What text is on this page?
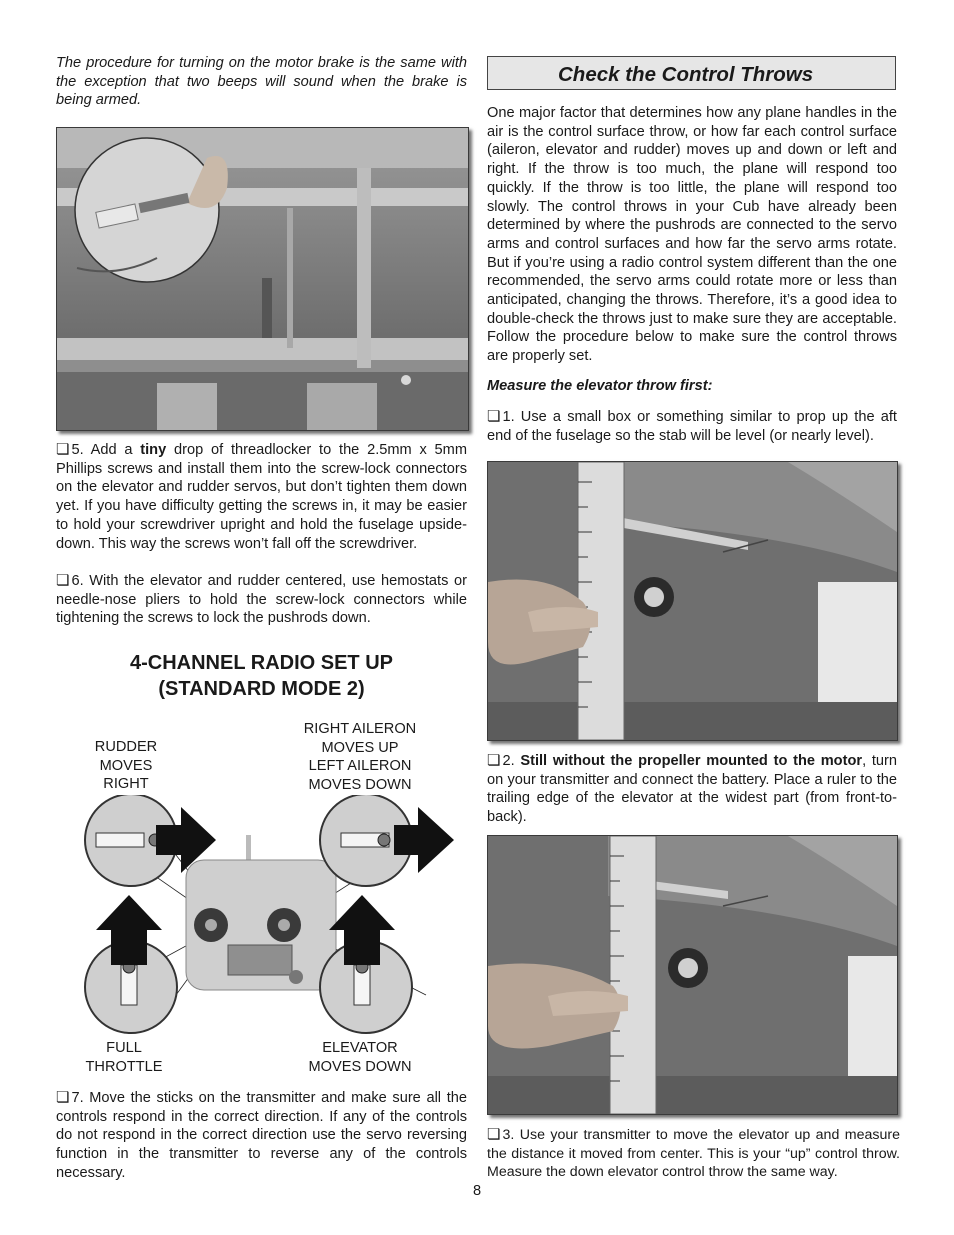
The procedure for turning on the motor brake is the same with the exception that two beeps will sound when the brake is being armed.
❏ 5. Add a tiny drop of threadlocker to the 2.5mm x 5mm Phillips screws and install them into the screw-lock connectors on the elevator and rudder servos, but don’t tighten them down yet. If you have difficulty getting the screws in, it may be easier to hold your screwdriver upright and hold the fuselage upside-down. This way the screws won’t fall off the screwdriver.
❏ 6. With the elevator and rudder centered, use hemostats or needle-nose pliers to hold the screw-lock connectors while tightening the screws to lock the pushrods down.
4-CHANNEL RADIO SET UP
(STANDARD MODE 2)
RUDDER
MOVES
RIGHT
RIGHT AILERON
MOVES UP
LEFT AILERON
MOVES DOWN
FULL
THROTTLE
ELEVATOR
MOVES DOWN
❏ 7. Move the sticks on the transmitter and make sure all the controls respond in the correct direction. If any of the controls do not respond in the correct direction use the servo reversing function in the transmitter to reverse any of the controls necessary.
Check the Control Throws
One major factor that determines how any plane handles in the air is the control surface throw, or how far each control surface (aileron, elevator and rudder) moves up and down or left and right. If the throw is too much, the plane will respond too quickly. If the throw is too little, the plane will respond too slowly. The control throws in your Cub have already been determined by where the pushrods are connected to the servo arms and control surfaces and how far the servo arms rotate. But if you’re using a radio control system different than the one recommended, the servo arms could rotate more or less than anticipated, changing the throws. Therefore, it’s a good idea to double-check the throws just to make sure they are acceptable. Follow the procedure below to make sure the control throws are properly set.
Measure the elevator throw first:
❏ 1. Use a small box or something similar to prop up the aft end of the fuselage so the stab will be level (or nearly level).
❏ 2. Still without the propeller mounted to the motor, turn on your transmitter and connect the battery. Place a ruler to the trailing edge of the elevator at the widest part (from front-to-back).
❏ 3. Use your transmitter to move the elevator up and measure the distance it moved from center. This is your “up” control throw. Measure the down elevator control throw the same way.
8
